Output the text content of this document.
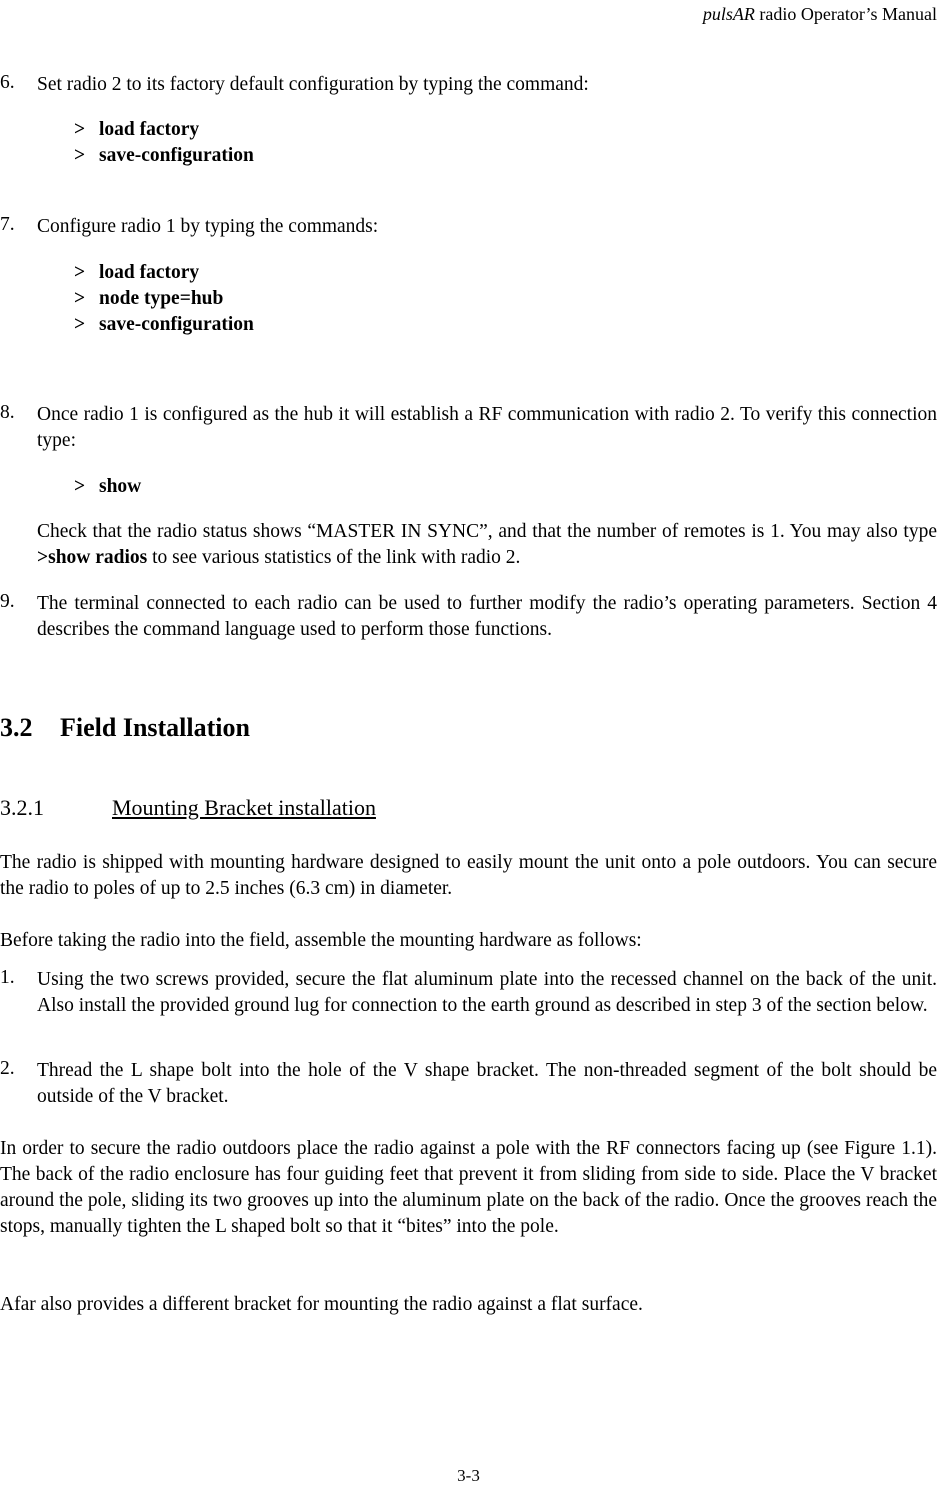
pulsAR radio Operator’s Manual
6.	Set radio 2 to its factory default configuration by typing the command:
> load factory
> save-configuration
7.	Configure radio 1 by typing the commands:
> load factory
> node type=hub
> save-configuration
8.	Once radio 1 is configured as the hub it will establish a RF communication with radio 2. To verify this connection type:
> show
Check that the radio status shows “MASTER IN SYNC”, and that the number of remotes is 1. You may also type >show radios to see various statistics of the link with radio 2.
9.	The terminal connected to each radio can be used to further modify the radio’s operating parameters. Section 4 describes the command language used to perform those functions.
3.2 Field Installation
3.2.1	Mounting Bracket installation
The radio is shipped with mounting hardware designed to easily mount the unit onto a pole outdoors. You can secure the radio to poles of up to 2.5 inches (6.3 cm) in diameter.
Before taking the radio into the field, assemble the mounting hardware as follows:
1.	Using the two screws provided, secure the flat aluminum plate into the recessed channel on the back of the unit. Also install the provided ground lug for connection to the earth ground as described in step 3 of the section below.
2.	Thread the L shape bolt into the hole of the V shape bracket. The non-threaded segment of the bolt should be outside of the V bracket.
In order to secure the radio outdoors place the radio against a pole with the RF connectors facing up (see Figure 1.1). The back of the radio enclosure has four guiding feet that prevent it from sliding from side to side. Place the V bracket around the pole, sliding its two grooves up into the aluminum plate on the back of the radio. Once the grooves reach the stops, manually tighten the L shaped bolt so that it “bites” into the pole.
Afar also provides a different bracket for mounting the radio against a flat surface.
3-3
